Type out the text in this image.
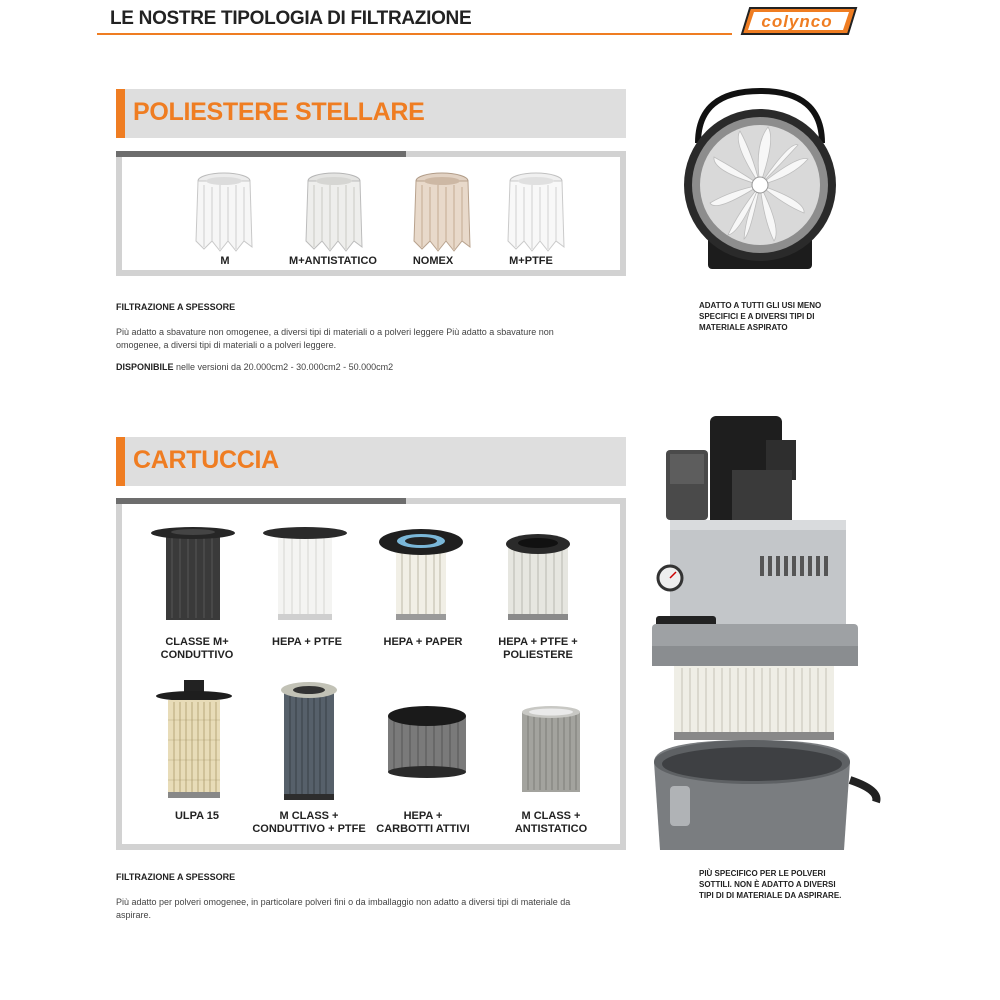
LE NOSTRE TIPOLOGIA DI FILTRAZIONE	colynco
POLIESTERE STELLARE
M	M+ANTISTATICO	NOMEX	M+PTFE
FILTRAZIONE A SPESSORE
Più adatto a sbavature non omogenee, a diversi tipi di materiali o a polveri leggere Più adatto a sbavature non
omogenee, a diversi tipi di materiali o a polveri leggere.
DISPONIBILE nelle versioni da 20.000cm2 - 30.000cm2 - 50.000cm2
ADATTO A TUTTI GLI USI MENO
SPECIFICI E A DIVERSI TIPI DI
MATERIALE ASPIRATO
CARTUCCIA
CLASSE M+
CONDUTTIVO
HEPA + PTFE	HEPA + PAPER	HEPA + PTFE +
POLIESTERE
ULPA 15	M CLASS +
CONDUTTIVO + PTFE
HEPA +
CARBOTTI ATTIVI
M CLASS +
ANTISTATICO
FILTRAZIONE A SPESSORE
Più adatto per polveri omogenee, in particolare polveri fini o da imballaggio non adatto a diversi tipi di materiale da
aspirare.
PIÙ SPECIFICO PER LE POLVERI
SOTTILI. NON È ADATTO A DIVERSI
TIPI DI DI MATERIALE DA ASPIRARE.
